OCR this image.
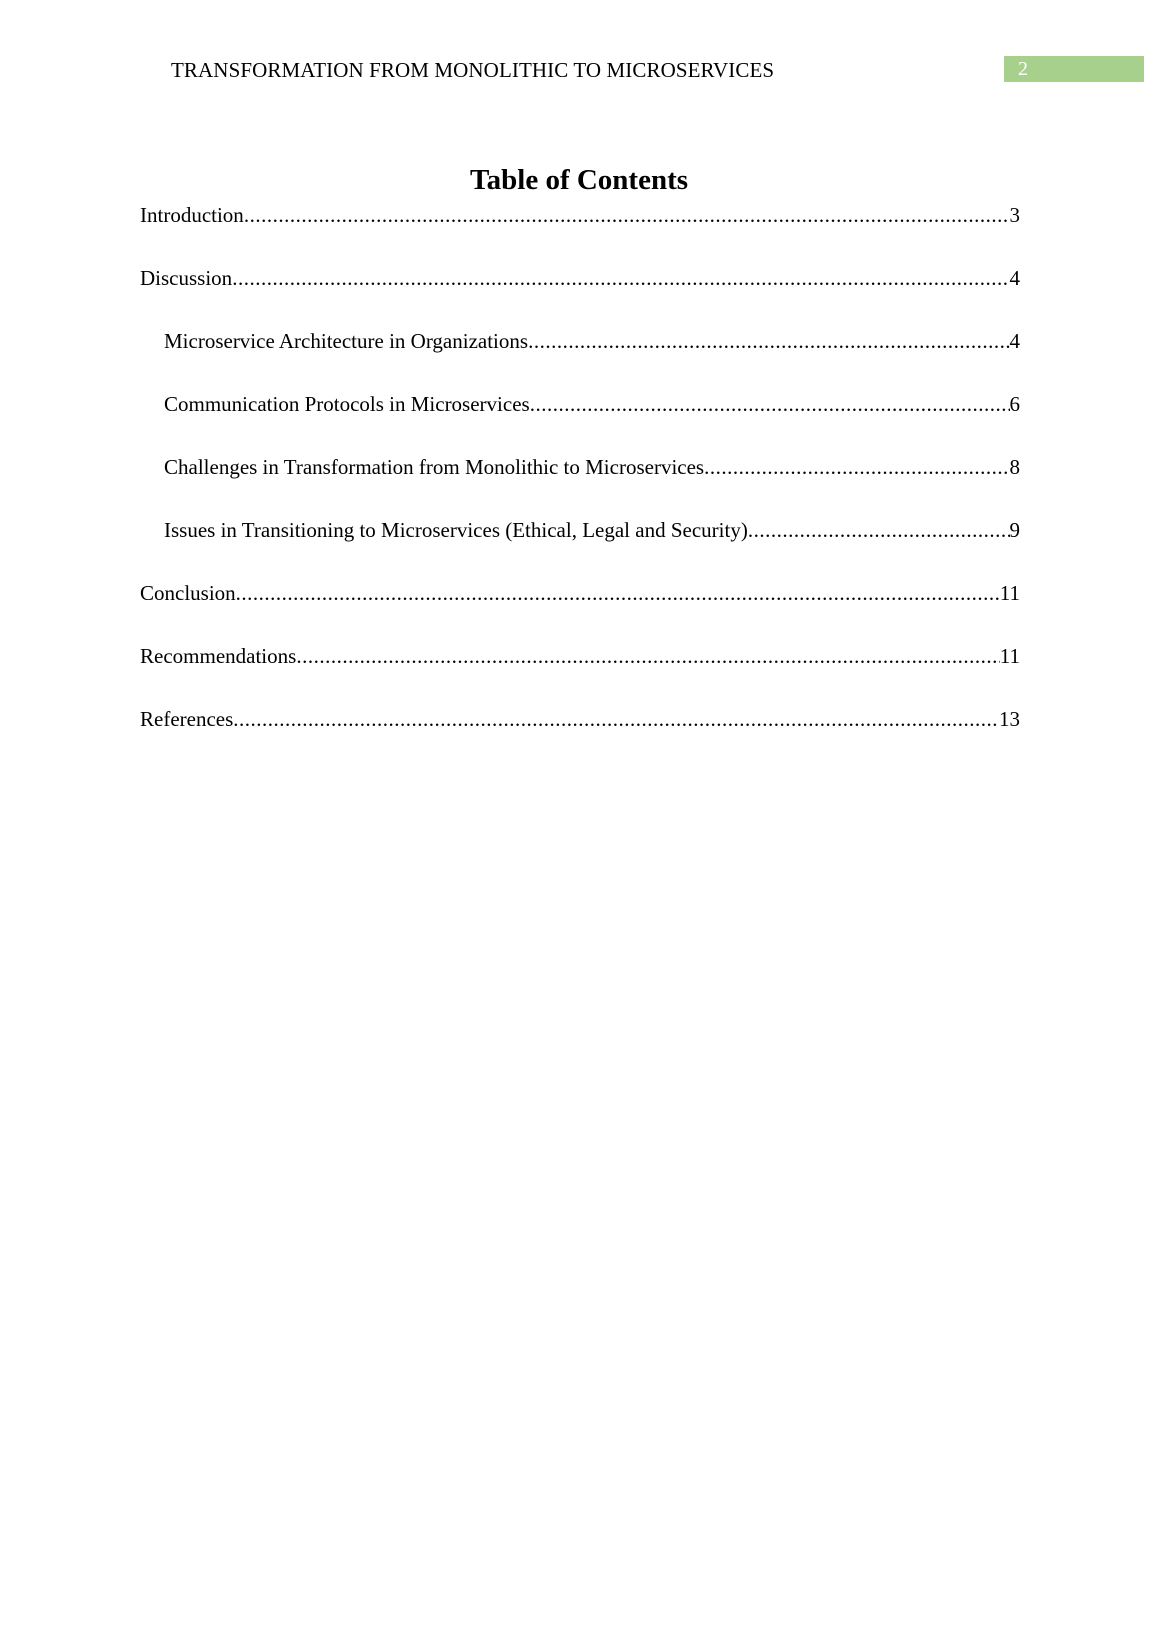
TRANSFORMATION FROM MONOLITHIC TO MICROSERVICES	2
Table of Contents
Introduction .....	3
Discussion .....	4
Microservice Architecture in Organizations .....	4
Communication Protocols in Microservices .....	6
Challenges in Transformation from Monolithic to Microservices .....	8
Issues in Transitioning to Microservices (Ethical, Legal and Security) .....	9
Conclusion .....	11
Recommendations .....	11
References .....	13
